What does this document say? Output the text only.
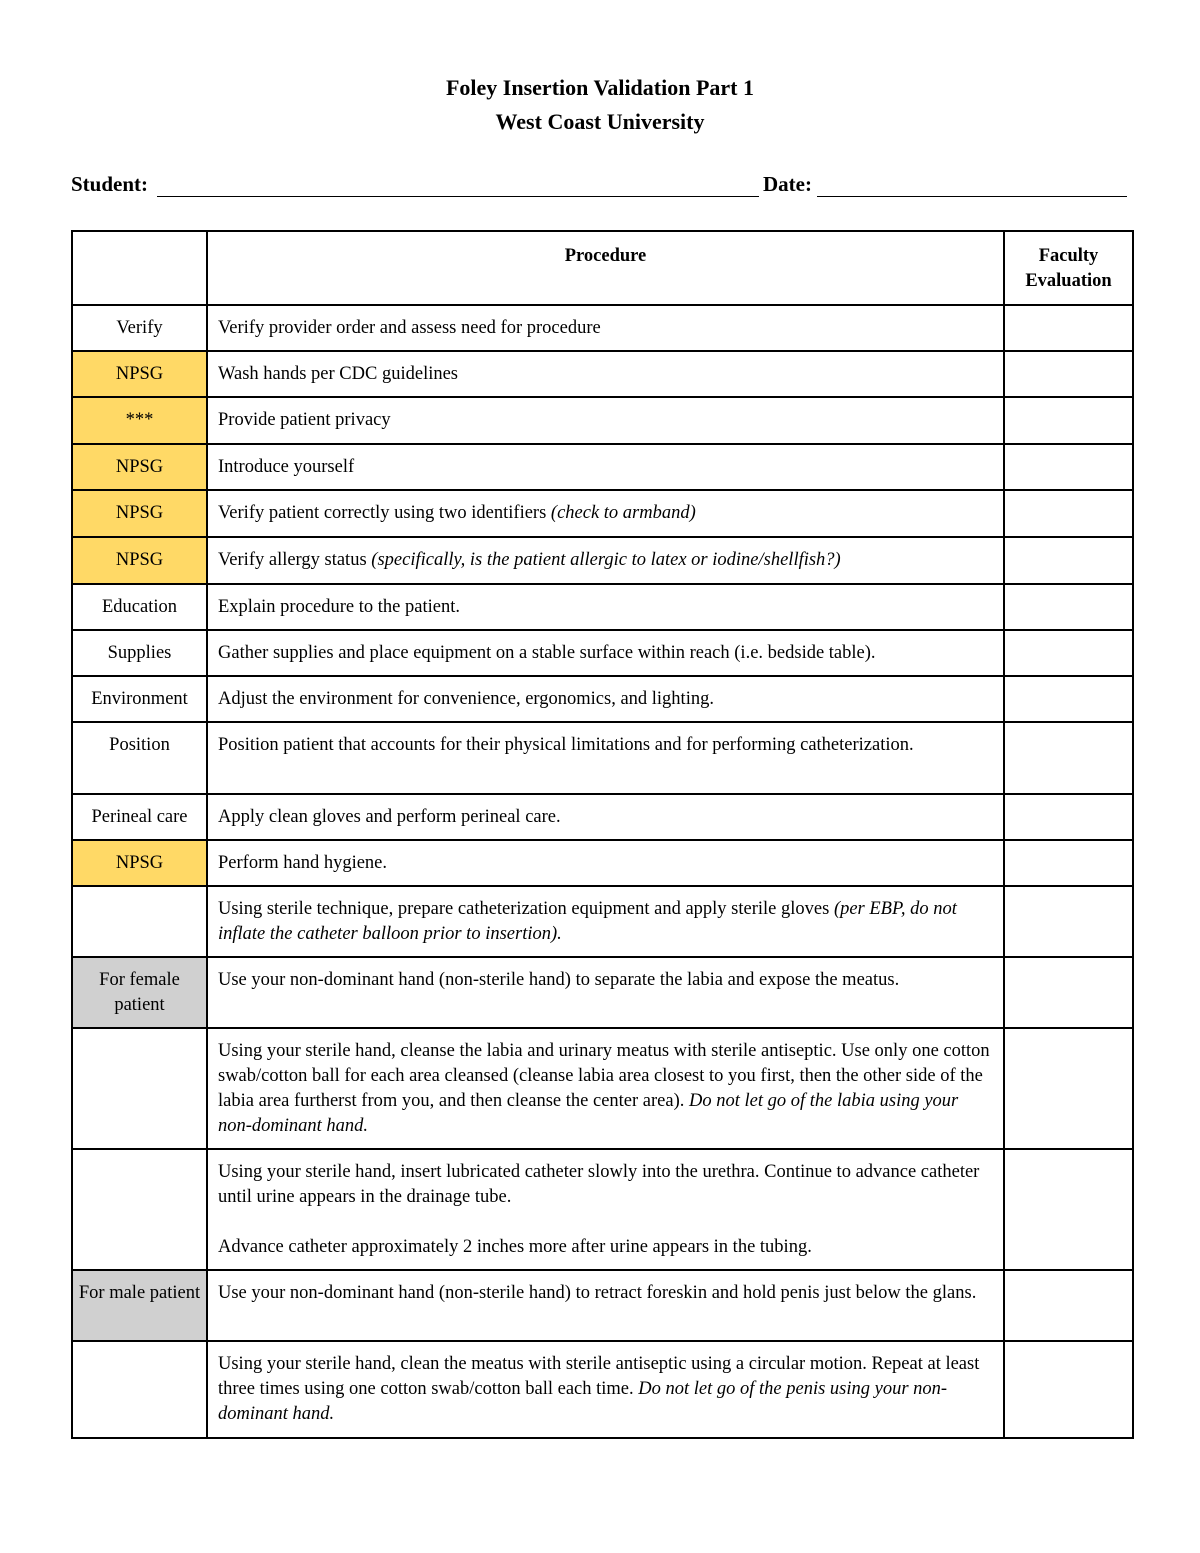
Foley Insertion Validation Part 1
West Coast University
Student:	Date:
	Procedure	Faculty Evaluation
Verify	Verify provider order and assess need for procedure	
NPSG	Wash hands per CDC guidelines	
***	Provide patient privacy	
NPSG	Introduce yourself	
NPSG	Verify patient correctly using two identifiers (check to armband)	
NPSG	Verify allergy status (specifically, is the patient allergic to latex or iodine/shellfish?)	
Education	Explain procedure to the patient.	
Supplies	Gather supplies and place equipment on a stable surface within reach (i.e. bedside table).	
Environment	Adjust the environment for convenience, ergonomics, and lighting.	
Position	Position patient that accounts for their physical limitations and for performing catheterization.	
Perineal care	Apply clean gloves and perform perineal care.	
NPSG	Perform hand hygiene.	
	Using sterile technique, prepare catheterization equipment and apply sterile gloves (per EBP, do not inflate the catheter balloon prior to insertion).	
For female patient	Use your non-dominant hand (non-sterile hand) to separate the labia and expose the meatus.	
	Using your sterile hand, cleanse the labia and urinary meatus with sterile antiseptic. Use only one cotton swab/cotton ball for each area cleansed (cleanse labia area closest to you first, then the other side of the labia area furtherst from you, and then cleanse the center area). Do not let go of the labia using your non-dominant hand.	
	Using your sterile hand, insert lubricated catheter slowly into the urethra. Continue to advance catheter until urine appears in the drainage tube.
Advance catheter approximately 2 inches more after urine appears in the tubing.	

For male patient	Use your non-dominant hand (non-sterile hand) to retract foreskin and hold penis just below the glans.	
	Using your sterile hand, clean the meatus with sterile antiseptic using a circular motion. Repeat at least three times using one cotton swab/cotton ball each time. Do not let go of the penis using your non-dominant hand.	
